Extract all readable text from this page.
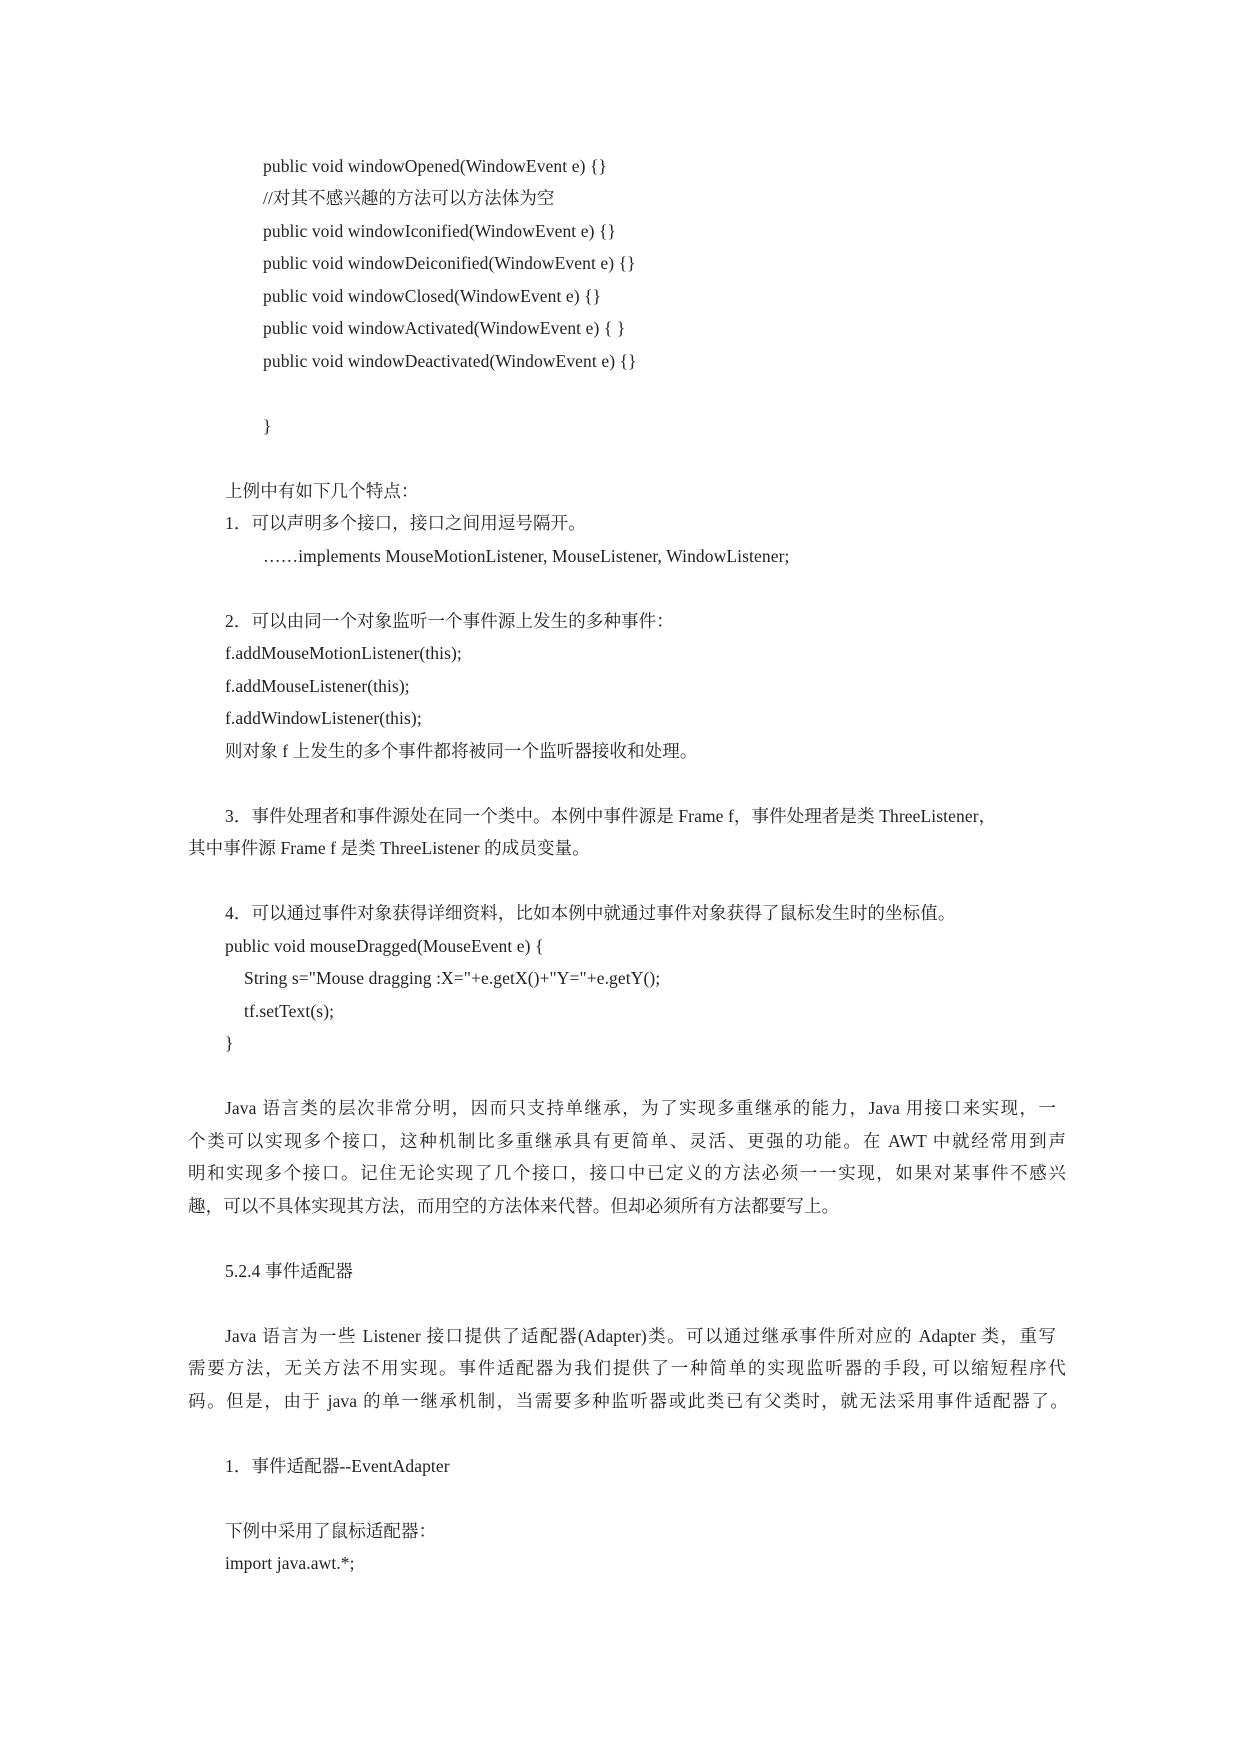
public void windowOpened(WindowEvent e) {}
//对其不感兴趣的方法可以方法体为空
public void windowIconified(WindowEvent e) {}
public void windowDeiconified(WindowEvent e) {}
public void windowClosed(WindowEvent e) {}
public void windowActivated(WindowEvent e) { }
public void windowDeactivated(WindowEvent e) {}
}
上例中有如下几个特点：
1．可以声明多个接口，接口之间用逗号隔开。
……implements MouseMotionListener, MouseListener, WindowListener;
2．可以由同一个对象监听一个事件源上发生的多种事件：
f.addMouseMotionListener(this);
f.addMouseListener(this);
f.addWindowListener(this);
则对象 f 上发生的多个事件都将被同一个监听器接收和处理。
3．事件处理者和事件源处在同一个类中。本例中事件源是 Frame f，事件处理者是类 ThreeListener，
其中事件源 Frame f 是类 ThreeListener 的成员变量。
4．可以通过事件对象获得详细资料，比如本例中就通过事件对象获得了鼠标发生时的坐标值。
public void mouseDragged(MouseEvent e) {
String s="Mouse dragging :X="+e.getX()+"Y="+e.getY();
tf.setText(s);
}
Java 语言类的层次非常分明，因而只支持单继承，为了实现多重继承的能力，Java 用接口来实现，一
个类可以实现多个接口，这种机制比多重继承具有更简单、灵活、更强的功能。在 AWT 中就经常用到声
明和实现多个接口。记住无论实现了几个接口，接口中已定义的方法必须一一实现，如果对某事件不感兴
趣，可以不具体实现其方法，而用空的方法体来代替。但却必须所有方法都要写上。
5.2.4 事件适配器
Java 语言为一些 Listener 接口提供了适配器(Adapter)类。可以通过继承事件所对应的 Adapter 类，重写
需要方法，无关方法不用实现。事件适配器为我们提供了一种简单的实现监听器的手段, 可以缩短程序代
码。但是，由于 java 的单一继承机制，当需要多种监听器或此类已有父类时，就无法采用事件适配器了。
1．事件适配器--EventAdapter
下例中采用了鼠标适配器：
import java.awt.*;
